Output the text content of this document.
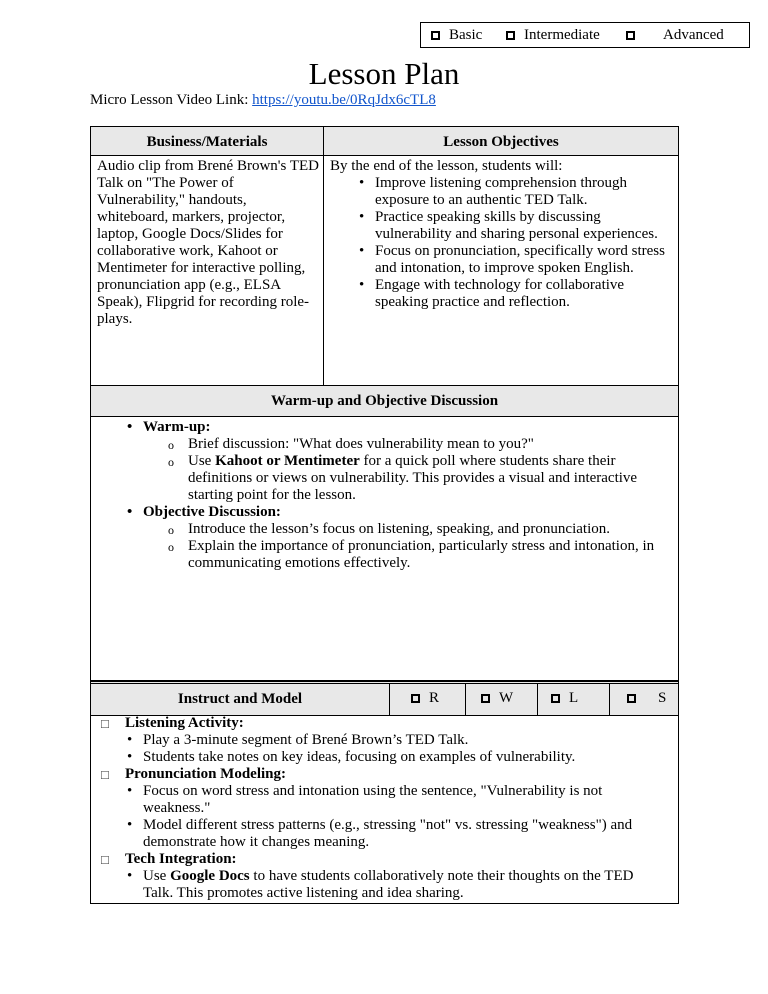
Basic	Intermediate	Advanced
Lesson Plan
Micro Lesson Video Link: https://youtu.be/0RqJdx6cTL8
Business/Materials	Lesson Objectives
Audio clip from Brené Brown's TED Talk on "The Power of Vulnerability," handouts, whiteboard, markers, projector, laptop, Google Docs/Slides for collaborative work, Kahoot or Mentimeter for interactive polling, pronunciation app (e.g., ELSA Speak), Flipgrid for recording role-plays.
By the end of the lesson, students will:
• Improve listening comprehension through exposure to an authentic TED Talk.
• Practice speaking skills by discussing vulnerability and sharing personal experiences.
• Focus on pronunciation, specifically word stress and intonation, to improve spoken English.
• Engage with technology for collaborative speaking practice and reflection.
Warm-up and Objective Discussion
• Warm-up:
o Brief discussion: "What does vulnerability mean to you?"
o Use Kahoot or Mentimeter for a quick poll where students share their definitions or views on vulnerability. This provides a visual and interactive starting point for the lesson.
• Objective Discussion:
o Introduce the lesson’s focus on listening, speaking, and pronunciation.
o Explain the importance of pronunciation, particularly stress and intonation, in communicating emotions effectively.
Instruct and Model	R	W	L	S
□ Listening Activity:
• Play a 3-minute segment of Brené Brown’s TED Talk.
• Students take notes on key ideas, focusing on examples of vulnerability.
□ Pronunciation Modeling:
• Focus on word stress and intonation using the sentence, "Vulnerability is not weakness."
• Model different stress patterns (e.g., stressing "not" vs. stressing "weakness") and demonstrate how it changes meaning.
□ Tech Integration:
• Use Google Docs to have students collaboratively note their thoughts on the TED Talk. This promotes active listening and idea sharing.
